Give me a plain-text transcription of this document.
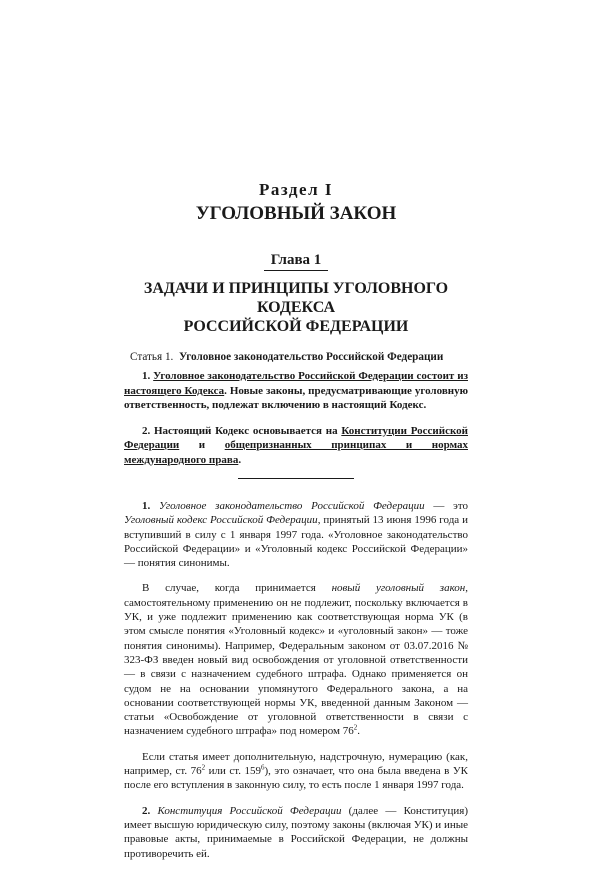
Раздел I
УГОЛОВНЫЙ ЗАКОН
Глава 1
ЗАДАЧИ И ПРИНЦИПЫ УГОЛОВНОГО КОДЕКСА
РОССИЙСКОЙ ФЕДЕРАЦИИ
Статья 1. Уголовное законодательство Российской Федерации

1. Уголовное законодательство Российской Федерации состоит из настоящего Кодекса. Новые законы, предусматривающие уголовную ответственность, подлежат включению в настоящий Кодекс.

2. Настоящий Кодекс основывается на Конституции Российской Федерации и общепризнанных принципах и нормах международного права.

1. Уголовное законодательство Российской Федерации — это Уголовный кодекс Российской Федерации, принятый 13 июня 1996 года и вступивший в силу с 1 января 1997 года. «Уголовное законодательство Российской Федерации» и «Уголовный кодекс Российской Федерации» — понятия синонимы.

В случае, когда принимается новый уголовный закон, самостоятельному применению он не подлежит, поскольку включается в УК, и уже подлежит применению как соответствующая норма УК (в этом смысле понятия «Уголовный кодекс» и «уголовный закон» — тоже понятия синонимы). Например, Федеральным законом от 03.07.2016 № 323-ФЗ введен новый вид освобождения от уголовной ответственности — в связи с назначением судебного штрафа. Однако применяется он судом не на основании упомянутого Федерального закона, а на основании соответствующей нормы УК, введенной данным Законом — статьи «Освобождение от уголовной ответственности в связи с назначением судебного штрафа» под номером $76^2$.

Если статья имеет дополнительную, надстрочную, нумерацию (как, например, ст. $76^2$ или ст. $159^6$), это означает, что она была введена в УК после его вступления в законную силу, то есть после 1 января 1997 года.

2. Конституция Российской Федерации (далее — Конституция) имеет высшую юридическую силу, поэтому законы (включая УК) и иные правовые акты, принимаемые в Российской Федерации, не должны противоречить ей.
